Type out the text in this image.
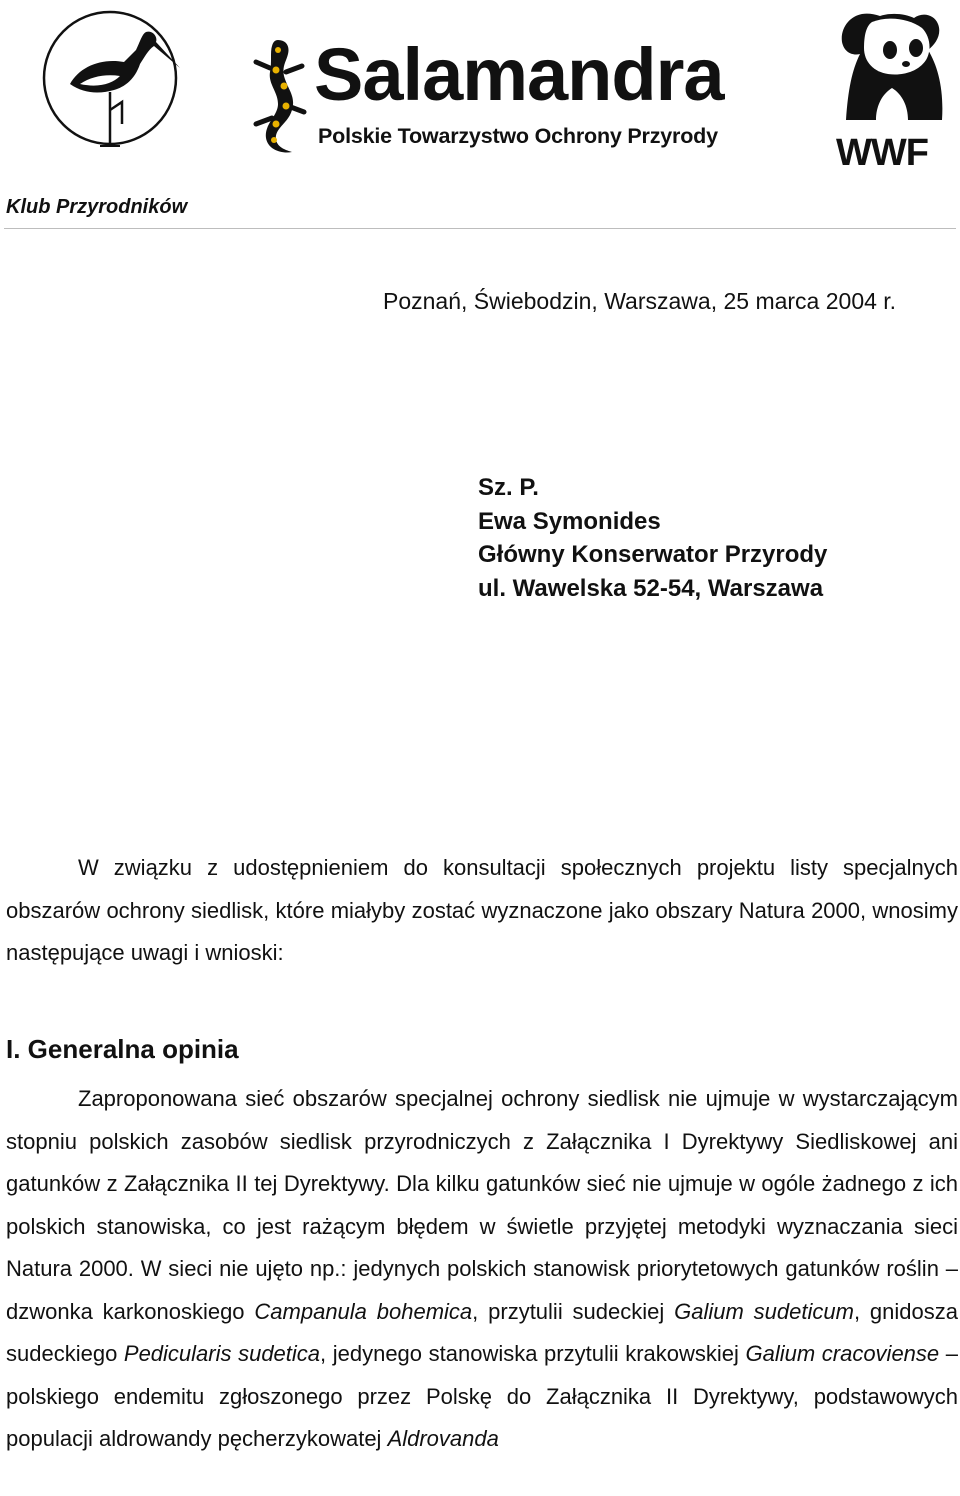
Salamandra
Polskie Towarzystwo Ochrony Przyrody	WWF
Klub Przyrodników
Poznań, Świebodzin, Warszawa, 25 marca 2004 r.
Sz. P.
Ewa Symonides
Główny Konserwator Przyrody
ul. Wawelska 52-54, Warszawa

W związku z udostępnieniem do konsultacji społecznych projektu listy specjalnych obszarów ochrony siedlisk, które miałyby zostać wyznaczone jako obszary Natura 2000, wnosimy następujące uwagi i wnioski:

I. Generalna opinia

Zaproponowana sieć obszarów specjalnej ochrony siedlisk nie ujmuje w wystarczającym stopniu polskich zasobów siedlisk przyrodniczych z Załącznika I Dyrektywy Siedliskowej ani gatunków z Załącznika II tej Dyrektywy. Dla kilku gatunków sieć nie ujmuje w ogóle żadnego z ich polskich stanowiska, co jest rażącym błędem w świetle przyjętej metodyki wyznaczania sieci Natura 2000. W sieci nie ujęto np.: jedynych polskich stanowisk priorytetowych gatunków roślin – dzwonka karkonoskiego Campanula bohemica, przytulii sudeckiej Galium sudeticum, gnidosza sudeckiego Pedicularis sudetica, jedynego stanowiska przytulii krakowskiej Galium cracoviense – polskiego endemitu zgłoszonego przez Polskę do Załącznika II Dyrektywy, podstawowych populacji aldrowandy pęcherzykowatej Aldrovanda
